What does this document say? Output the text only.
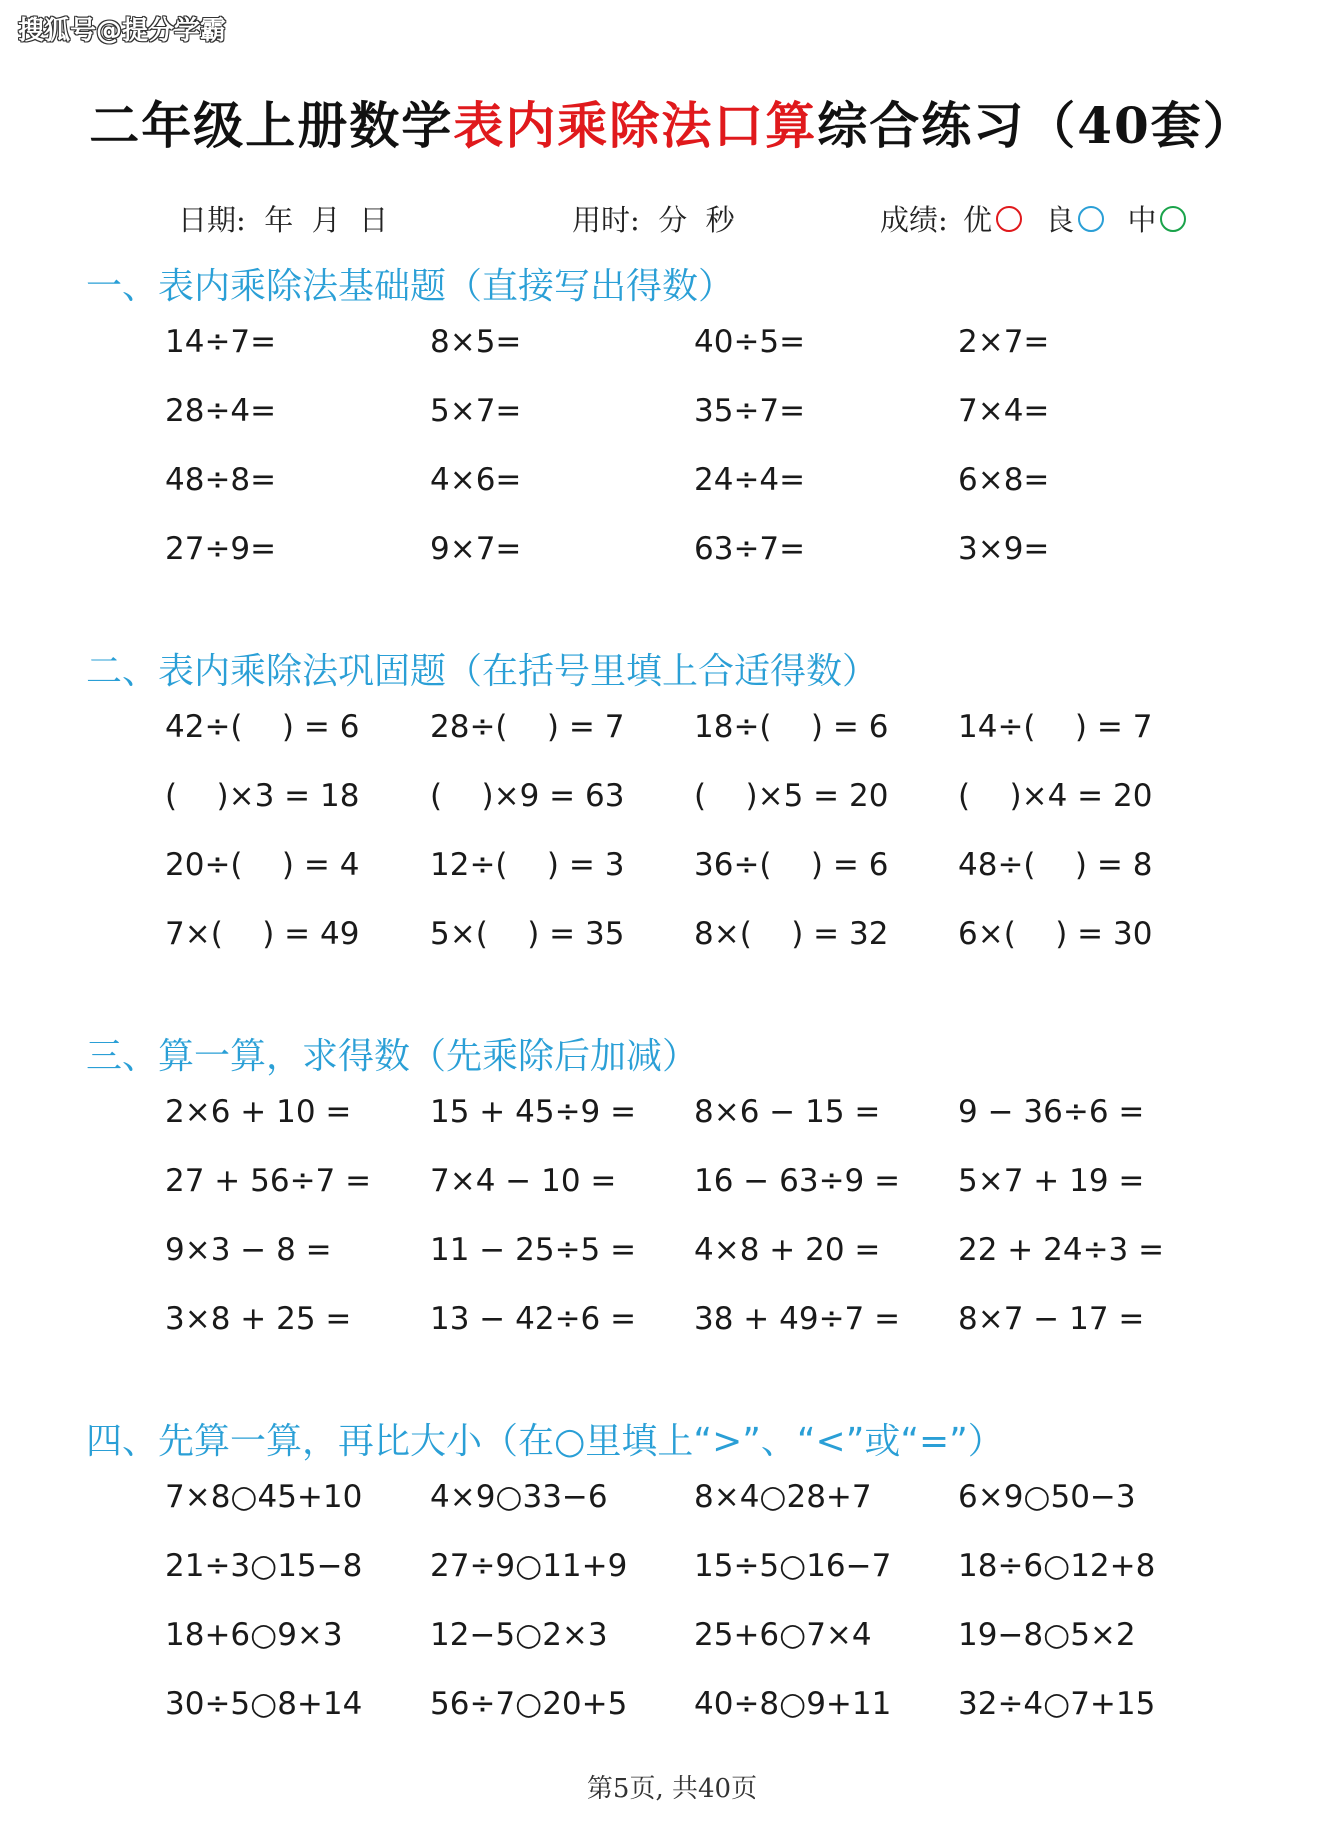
搜狐号@提分学霸
二年级上册数学表内乘除法口算综合练习（40套）
日期: 年 月 日	用时: 分 秒	成绩: 优 良 中
一、表内乘除法基础题（直接写出得数）
14÷7=	8×5=	40÷5=	2×7=
28÷4=	5×7=	35÷7=	7×4=
48÷8=	4×6=	24÷4=	6×8=
27÷9=	9×7=	63÷7=	3×9=
二、表内乘除法巩固题（在括号里填上合适得数）
42÷(    ) = 6 28÷(    ) = 7 18÷(    ) = 6 14÷(    ) = 7
(    )×3 = 18 (    )×9 = 63 (    )×5 = 20 (    )×4 = 20
20÷(    ) = 4 12÷(    ) = 3 36÷(    ) = 6 48÷(    ) = 8
7×(    ) = 49 5×(    ) = 35 8×(    ) = 32 6×(    ) = 30
三、算一算，求得数（先乘除后加减）
2×6 + 10 =	15 + 45÷9 = 8×6 − 15 =	9 − 36÷6 =
27 + 56÷7 = 7×4 − 10 =	16 − 63÷9 = 5×7 + 19 =
9×3 − 8 =	11 − 25÷5 = 4×8 + 20 =	22 + 24÷3 =
3×8 + 25 =	13 − 42÷6 = 38 + 49÷7 = 8×7 − 17 =
四、先算一算，再比大小（在○里填上“>”、“<”或“=”）
7×8○45+10 4×9○33−6	8×4○28+7	6×9○50−3
21÷3○15−8 27÷9○11+9 15÷5○16−7 18÷6○12+8
18+6○9×3	12−5○2×3	25+6○7×4	19−8○5×2
30÷5○8+14 56÷7○20+5 40÷8○9+11 32÷4○7+15
第5页, 共40页
